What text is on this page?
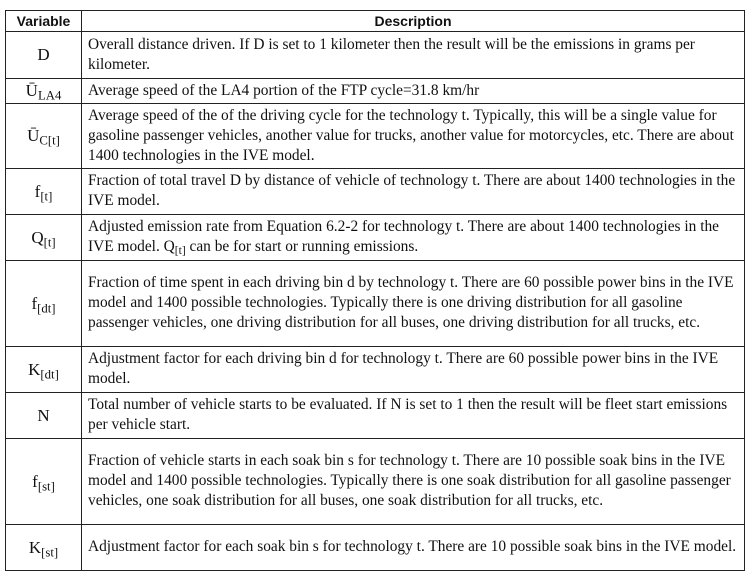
Variable	Description
D	Overall distance driven. If D is set to 1 kilometer then the result will be the emissions in grams per kilometer.
$Ū_{LA4}$	Average speed of the LA4 portion of the FTP cycle=31.8 km/hr
$Ū_{C[t]}$	Average speed of the of the driving cycle for the technology t. Typically, this will be a single value for gasoline passenger vehicles, another value for trucks, another value for motorcycles, etc. There are about 1400 technologies in the IVE model.
$f_{[t]}$	Fraction of total travel D by distance of vehicle of technology t. There are about 1400 technologies in the IVE model.
$Q_{[t]}$	Adjusted emission rate from Equation 6.2-2 for technology t. There are about 1400 technologies in the IVE model. $Q_{[t]}$ can be for start or running emissions.
$f_{[dt]}$	Fraction of time spent in each driving bin d by technology t. There are 60 possible power bins in the IVE model and 1400 possible technologies. Typically there is one driving distribution for all gasoline passenger vehicles, one driving distribution for all buses, one driving distribution for all trucks, etc.
$K_{[dt]}$	Adjustment factor for each driving bin d for technology t. There are 60 possible power bins in the IVE model.
N	Total number of vehicle starts to be evaluated. If N is set to 1 then the result will be fleet start emissions per vehicle start.
$f_{[st]}$	Fraction of vehicle starts in each soak bin s for technology t. There are 10 possible soak bins in the IVE model and 1400 possible technologies. Typically there is one soak distribution for all gasoline passenger vehicles, one soak distribution for all buses, one soak distribution for all trucks, etc.
$K_{[st]}$	Adjustment factor for each soak bin s for technology t. There are 10 possible soak bins in the IVE model.
